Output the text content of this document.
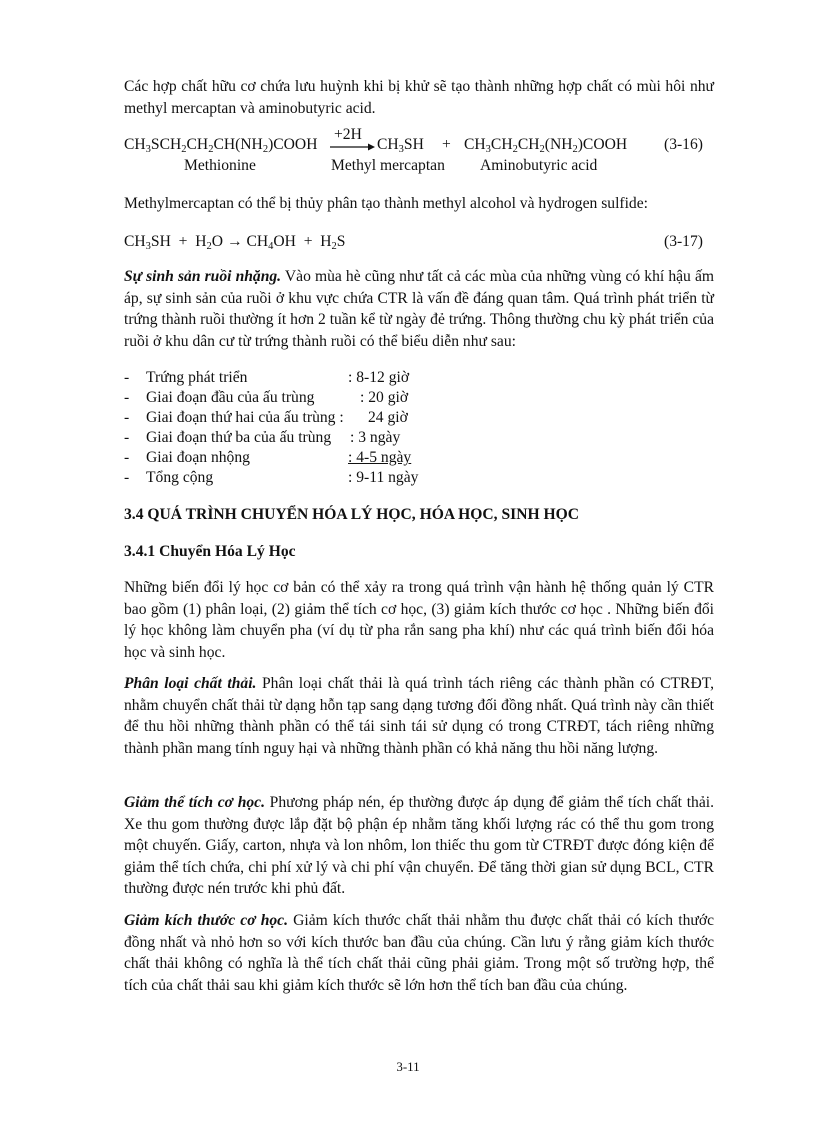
Các hợp chất hữu cơ chứa lưu huỳnh khi bị khử sẽ tạo thành những hợp chất có mùi hôi như methyl mercaptan và aminobutyric acid.

CH3SCH2CH2CH(NH2)COOH
+2H
→ CH3SH + CH3CH2CH2(NH2)COOH (3-16)
Methionine	Methyl mercaptan Aminobutyric acid

Methylmercaptan có thể bị thủy phân tạo thành methyl alcohol và hydrogen sulfide:

CH3SH + H2O → CH4OH + H2S	(3-17)

Sự sinh sản ruồi nhặng. Vào mùa hè cũng như tất cả các mùa của những vùng có khí hậu ấm áp, sự sinh sản của ruồi ở khu vực chứa CTR là vấn đề đáng quan tâm. Quá trình phát triển từ trứng thành ruồi thường ít hơn 2 tuần kể từ ngày đẻ trứng. Thông thường chu kỳ phát triển của ruồi ở khu dân cư từ trứng thành ruồi có thể biểu diễn như sau:

- Trứng phát triển	: 8-12 giờ
- Giai đoạn đầu của ấu trùng	: 20 giờ
- Giai đoạn thứ hai của ấu trùng : 24 giờ
- Giai đoạn thứ ba của ấu trùng : 3 ngày
- Giai đoạn nhộng	: 4-5 ngày
- Tổng cộng	: 9-11 ngày
3.4 QUÁ TRÌNH CHUYỂN HÓA LÝ HỌC, HÓA HỌC, SINH HỌC
3.4.1 Chuyển Hóa Lý Học

Những biến đổi lý học cơ bản có thể xảy ra trong quá trình vận hành hệ thống quản lý CTR bao gồm (1) phân loại, (2) giảm thể tích cơ học, (3) giảm kích thước cơ học . Những biến đổi lý học không làm chuyển pha (ví dụ từ pha rắn sang pha khí) như các quá trình biến đổi hóa học và sinh học.

Phân loại chất thải. Phân loại chất thải là quá trình tách riêng các thành phần có CTRĐT, nhằm chuyển chất thải từ dạng hỗn tạp sang dạng tương đối đồng nhất. Quá trình này cần thiết để thu hồi những thành phần có thể tái sinh tái sử dụng có trong CTRĐT, tách riêng những thành phần mang tính nguy hại và những thành phần có khả năng thu hồi năng lượng.

Giảm thể tích cơ học. Phương pháp nén, ép thường được áp dụng để giảm thể tích chất thải. Xe thu gom thường được lắp đặt bộ phận ép nhằm tăng khối lượng rác có thể thu gom trong một chuyến. Giấy, carton, nhựa và lon nhôm, lon thiếc thu gom từ CTRĐT được đóng kiện để giảm thể tích chứa, chi phí xử lý và chi phí vận chuyển. Để tăng thời gian sử dụng BCL, CTR thường được nén trước khi phủ đất.

Giảm kích thước cơ học. Giảm kích thước chất thải nhằm thu được chất thải có kích thước đồng nhất và nhỏ hơn so với kích thước ban đầu của chúng. Cần lưu ý rằng giảm kích thước chất thải không có nghĩa là thể tích chất thải cũng phải giảm. Trong một số trường hợp, thể tích của chất thải sau khi giảm kích thước sẽ lớn hơn thể tích ban đầu của chúng.

3-11
